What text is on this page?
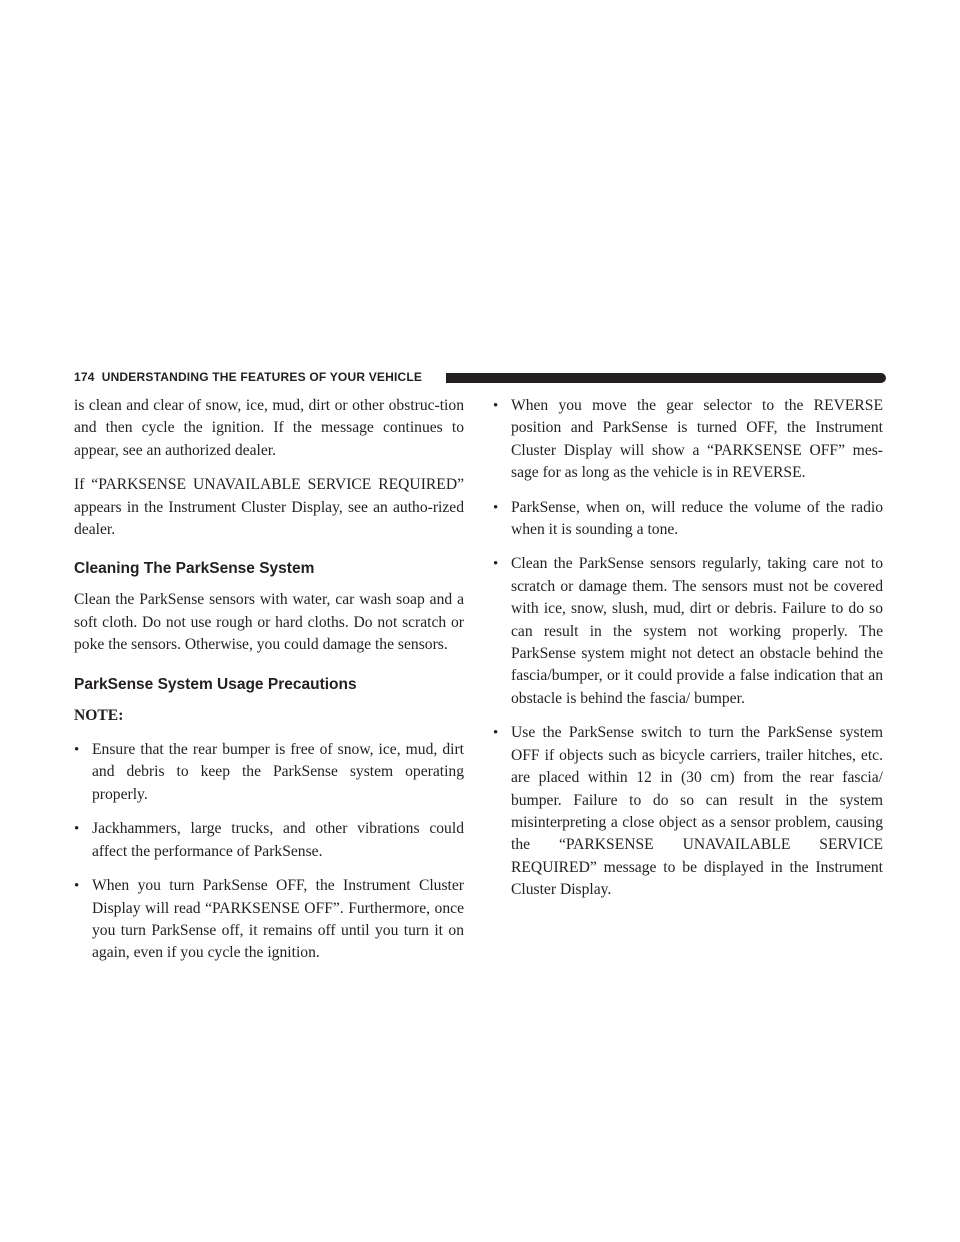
174 UNDERSTANDING THE FEATURES OF YOUR VEHICLE

is clean and clear of snow, ice, mud, dirt or other obstruc-tion and then cycle the ignition. If the message continues to appear, see an authorized dealer.

If “PARKSENSE UNAVAILABLE SERVICE REQUIRED” appears in the Instrument Cluster Display, see an autho-rized dealer.

Cleaning The ParkSense System

Clean the ParkSense sensors with water, car wash soap and a soft cloth. Do not use rough or hard cloths. Do not scratch or poke the sensors. Otherwise, you could damage the sensors.

ParkSense System Usage Precautions

NOTE:

• Ensure that the rear bumper is free of snow, ice, mud, dirt and debris to keep the ParkSense system operating properly.
• Jackhammers, large trucks, and other vibrations could affect the performance of ParkSense.
• When you turn ParkSense OFF, the Instrument Cluster Display will read “PARKSENSE OFF”. Furthermore, once you turn ParkSense off, it remains off until you turn it on again, even if you cycle the ignition.
• When you move the gear selector to the REVERSE position and ParkSense is turned OFF, the Instrument Cluster Display will show a “PARKSENSE OFF” mes-sage for as long as the vehicle is in REVERSE.
• ParkSense, when on, will reduce the volume of the radio when it is sounding a tone.
• Clean the ParkSense sensors regularly, taking care not to scratch or damage them. The sensors must not be covered with ice, snow, slush, mud, dirt or debris. Failure to do so can result in the system not working properly. The ParkSense system might not detect an obstacle behind the fascia/bumper, or it could provide a false indication that an obstacle is behind the fascia/ bumper.
• Use the ParkSense switch to turn the ParkSense system OFF if objects such as bicycle carriers, trailer hitches, etc. are placed within 12 in (30 cm) from the rear fascia/ bumper. Failure to do so can result in the system misinterpreting a close object as a sensor problem, causing the “PARKSENSE UNAVAILABLE SERVICE REQUIRED” message to be displayed in the Instrument Cluster Display.
